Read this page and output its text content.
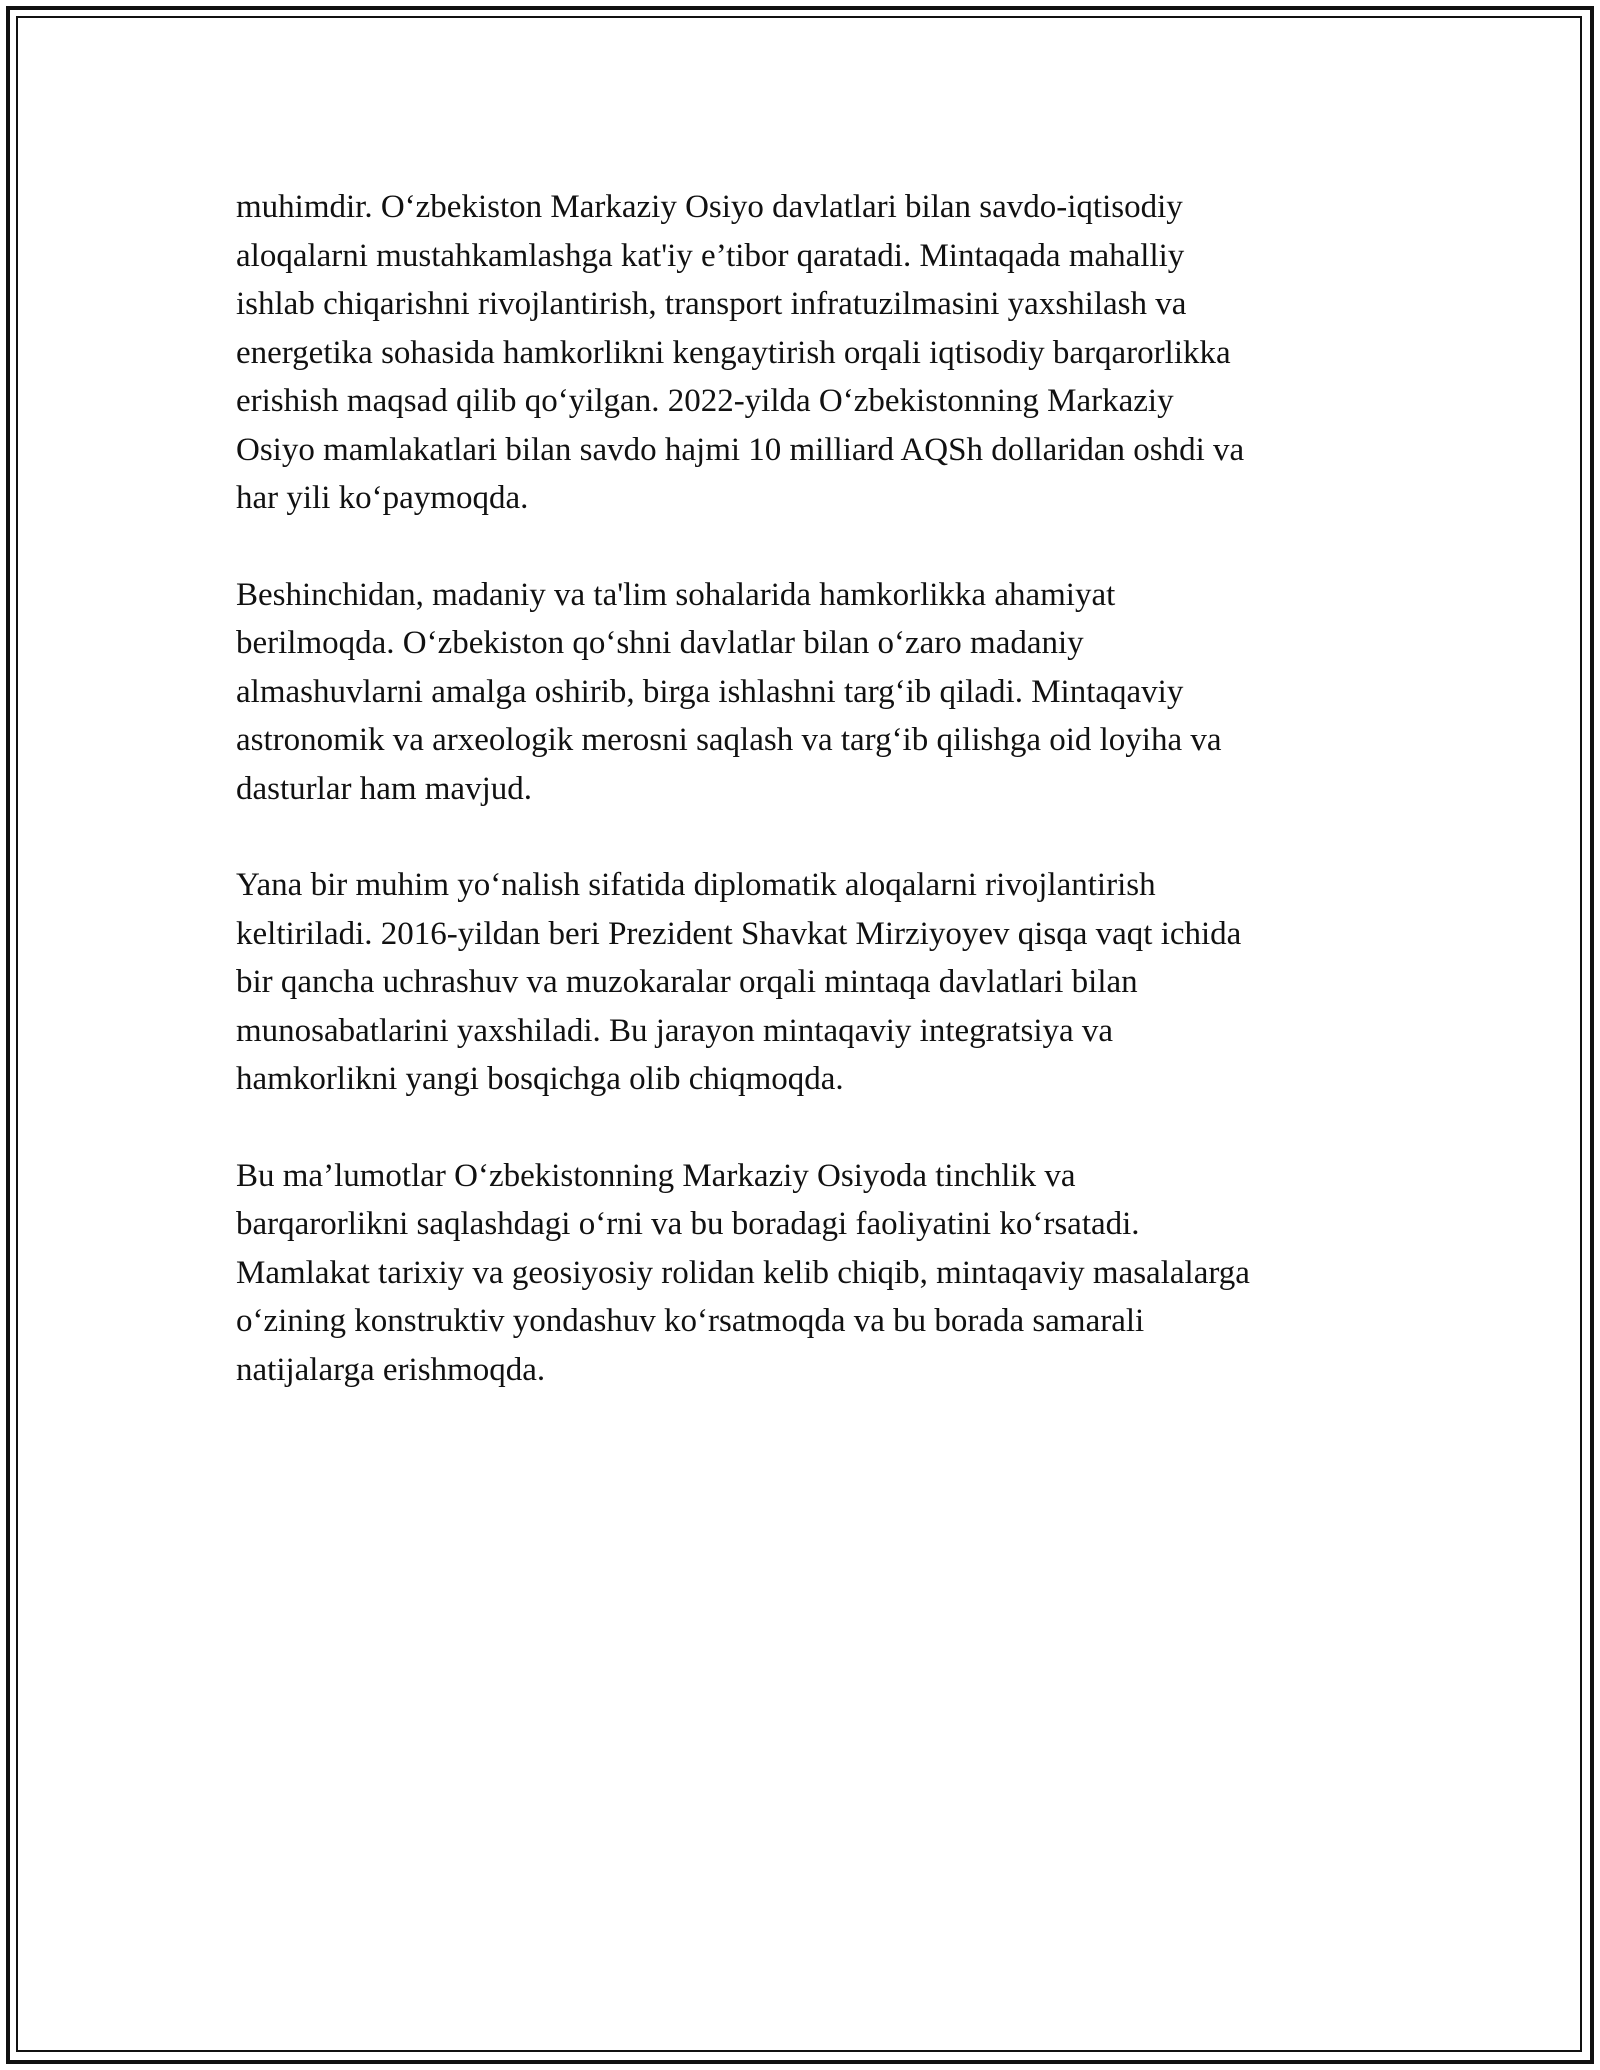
muhimdir. O‘zbekiston Markaziy Osiyo davlatlari bilan savdo-iqtisodiy
aloqalarni mustahkamlashga kat'iy e’tibor qaratadi. Mintaqada mahalliy
ishlab chiqarishni rivojlantirish, transport infratuzilmasini yaxshilash va
energetika sohasida hamkorlikni kengaytirish orqali iqtisodiy barqarorlikka
erishish maqsad qilib qo‘yilgan. 2022-yilda O‘zbekistonning Markaziy
Osiyo mamlakatlari bilan savdo hajmi 10 milliard AQSh dollaridan oshdi va
har yili ko‘paymoqda.

Beshinchidan, madaniy va ta'lim sohalarida hamkorlikka ahamiyat
berilmoqda. O‘zbekiston qo‘shni davlatlar bilan o‘zaro madaniy
almashuvlarni amalga oshirib, birga ishlashni targ‘ib qiladi. Mintaqaviy
astronomik va arxeologik merosni saqlash va targ‘ib qilishga oid loyiha va
dasturlar ham mavjud.

Yana bir muhim yo‘nalish sifatida diplomatik aloqalarni rivojlantirish
keltiriladi. 2016-yildan beri Prezident Shavkat Mirziyoyev qisqa vaqt ichida
bir qancha uchrashuv va muzokaralar orqali mintaqa davlatlari bilan
munosabatlarini yaxshiladi. Bu jarayon mintaqaviy integratsiya va
hamkorlikni yangi bosqichga olib chiqmoqda.

Bu ma’lumotlar O‘zbekistonning Markaziy Osiyoda tinchlik va
barqarorlikni saqlashdagi o‘rni va bu boradagi faoliyatini ko‘rsatadi.
Mamlakat tarixiy va geosiyosiy rolidan kelib chiqib, mintaqaviy masalalarga
o‘zining konstruktiv yondashuv ko‘rsatmoqda va bu borada samarali
natijalarga erishmoqda.
